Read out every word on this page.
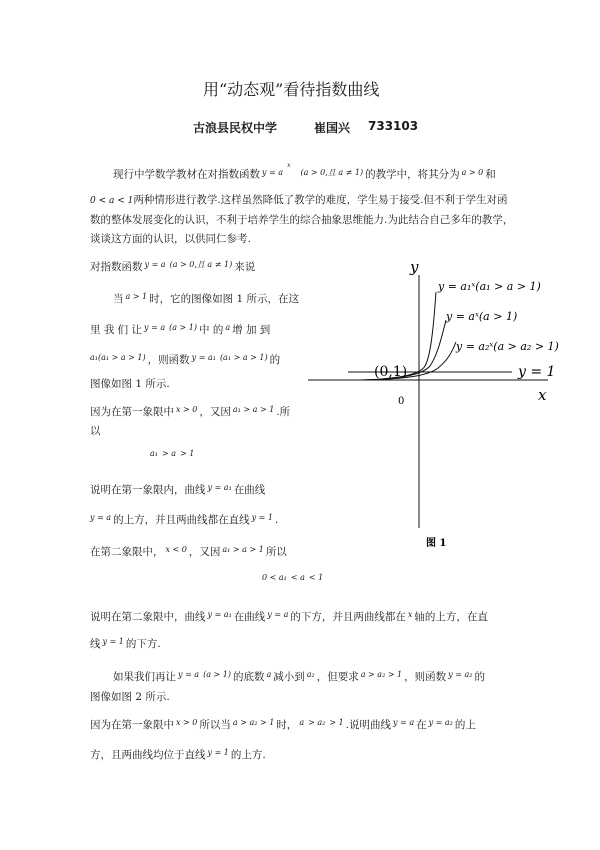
用“动态观”看待指数曲线
古浪县民权中学	崔国兴 733103
现行中学数学教材在对指数函数 $^{y = ax(a > 0,且 a \ne 1)}$ 的教学中，将其分为 $^{a > 0}$ 和
0 < a < 1两种情形进行教学.这样虽然降低了教学的难度，学生易于接受.但不利于学生对函
数的整体发展变化的认识，不利于培养学生的综合抽象思维能力.为此结合自己多年的教学，
谈谈这方面的认识，以供同仁参考.
对指数函数 $^{y = a}$ $^{(a > 0,且 a \ne 1)}$ 来说
当 $^{a > 1}$ 时，它的图像如图 1 所示，在这
里 我 们 让 $^{y = a}$ $^{(a > 1)}$ 中 的 $^a$ 增 加 到
$^{a_1(a_1 > a > 1)}$ ，则函数 $^{y = a_1}$ $^{(a_1 > a > 1)}$ 的
图像如图 1 所示.
因为在第一象限中 $^{x > 0}$ ，又因 $^{a_1 > a > 1}$ .所
以
$^{a_1}$ $^{> a}$ $^{> 1}$
说明在第一象限内，曲线 $^{y = a_1}$ 在曲线
$^{y = a}$ 的上方，并且两曲线都在直线 $^{y = 1}$ .
在第二象限中， $^{x < 0}$ ，又因 $^{a_1 > a > 1}$ 所以
$^{0 < a_1}$ $^{< a}$ $^{< 1}$
说明在第二象限中，曲线 $^{y = a_1}$ 在曲线 $^{y = a}$ 的下方，并且两曲线都在 $^x$ 轴的上方，在直
线 $^{y = 1}$ 的下方.
如果我们再让 $^{y = a}$ $^{(a > 1)}$ 的底数 $^a$ 减小到 $^{a_2}$ ，但要求 $^{a > a_2 > 1}$ ，则函数 $^{y = a_2}$ 的
图像如图 2 所示.
因为在第一象限中 $^{x > 0}$ 所以当 $^{a > a_2 > 1}$ 时， $^a$ $^{> a_2}$ $^{> 1}$ .说明曲线 $^{y = a}$ 在 $^{y = a_2}$ 的上
方，且两曲线均位于直线 $^{y = 1}$ 的上方.
y
x
0
(0,1)	y = 1
y = a₁ˣ(a₁ > a > 1)
y = aˣ(a > 1)
y = a₂ˣ(a > a₂ > 1)
图 1
